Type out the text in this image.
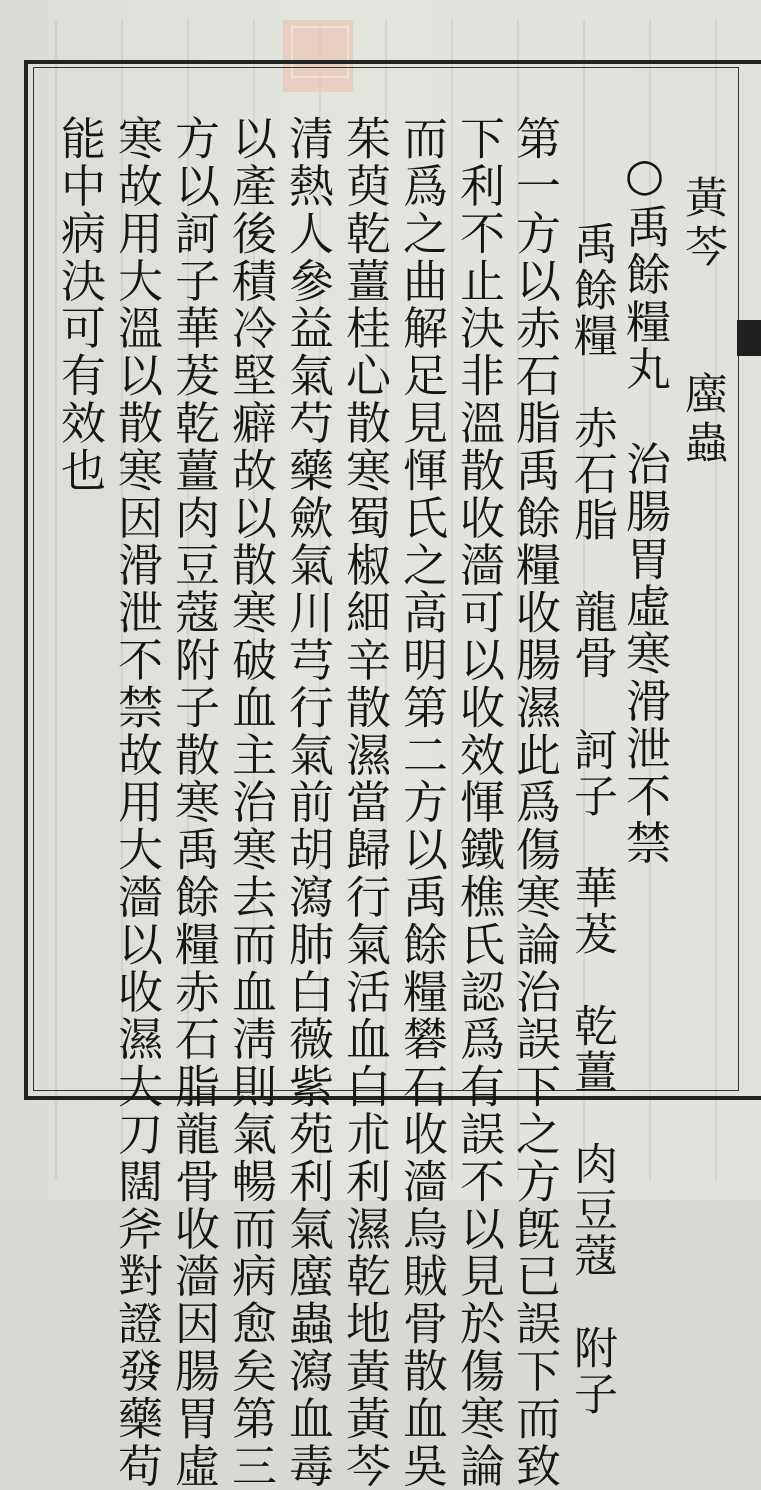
黃芩　　䗪蟲
○禹餘糧丸　治腸胃虛寒滑泄不禁
　禹餘糧　赤石脂　龍骨　訶子　華茇　乾薑　肉豆蔻　附子
第一方以赤石脂禹餘糧收腸濕此爲傷寒論治誤下之方旣已誤下而致
下利不止決非溫散收濇可以收效惲鐵樵氏認爲有誤不以見於傷寒論
而爲之曲解足見惲氏之高明第二方以禹餘糧礬石收濇烏賊骨散血吳
茱萸乾薑桂心散寒蜀椒細辛散濕當歸行氣活血白朮利濕乾地黃黃芩
清熱人參益氣芍藥歛氣川芎行氣前胡瀉肺白薇紫苑利氣䗪蟲瀉血毒
以產後積冷堅癖故以散寒破血主治寒去而血淸則氣暢而病愈矣第三
方以訶子華茇乾薑肉豆蔻附子散寒禹餘糧赤石脂龍骨收濇因腸胃虛
寒故用大溫以散寒因滑泄不禁故用大濇以收濕大刀闊斧對證發藥苟
能中病決可有效也
